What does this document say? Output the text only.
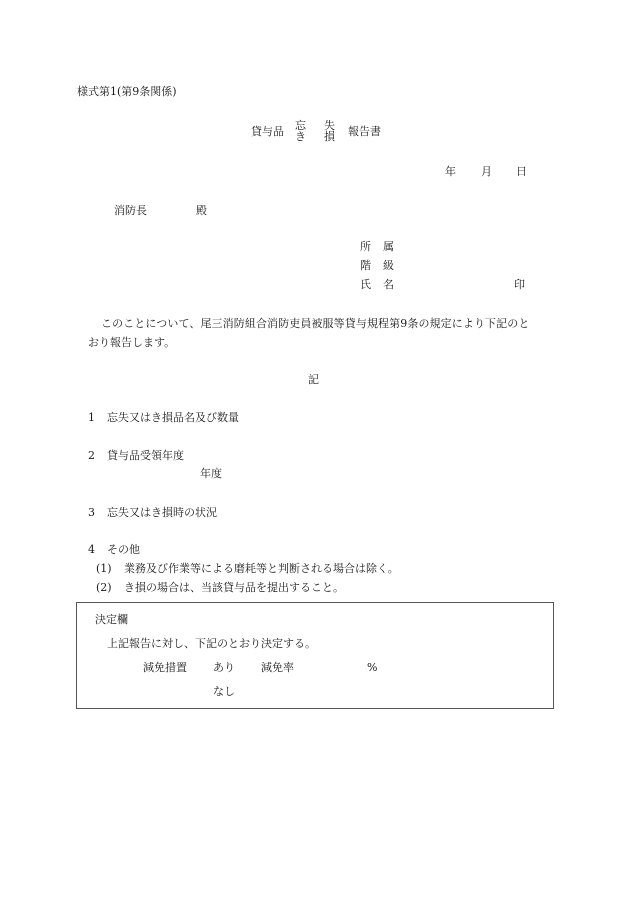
様式第1(第9条関係)
貸与品 忘
き
失
損 報告書
年 月 日
消防長	殿
所属
階級
氏名	印
このことについて、尾三消防組合消防吏員被服等貸与規程第9条の規定により下記のと
おり報告します。
記
1 忘失又はき損品名及び数量
2 貸与品受領年度
年度
3 忘失又はき損時の状況
4 その他
(1) 業務及び作業等による磨耗等と判断される場合は除く。
(2) き損の場合は、当該貸与品を提出すること。
決定欄
上記報告に対し、下記のとおり決定する。
減免措置 あり 減免率	%
なし
